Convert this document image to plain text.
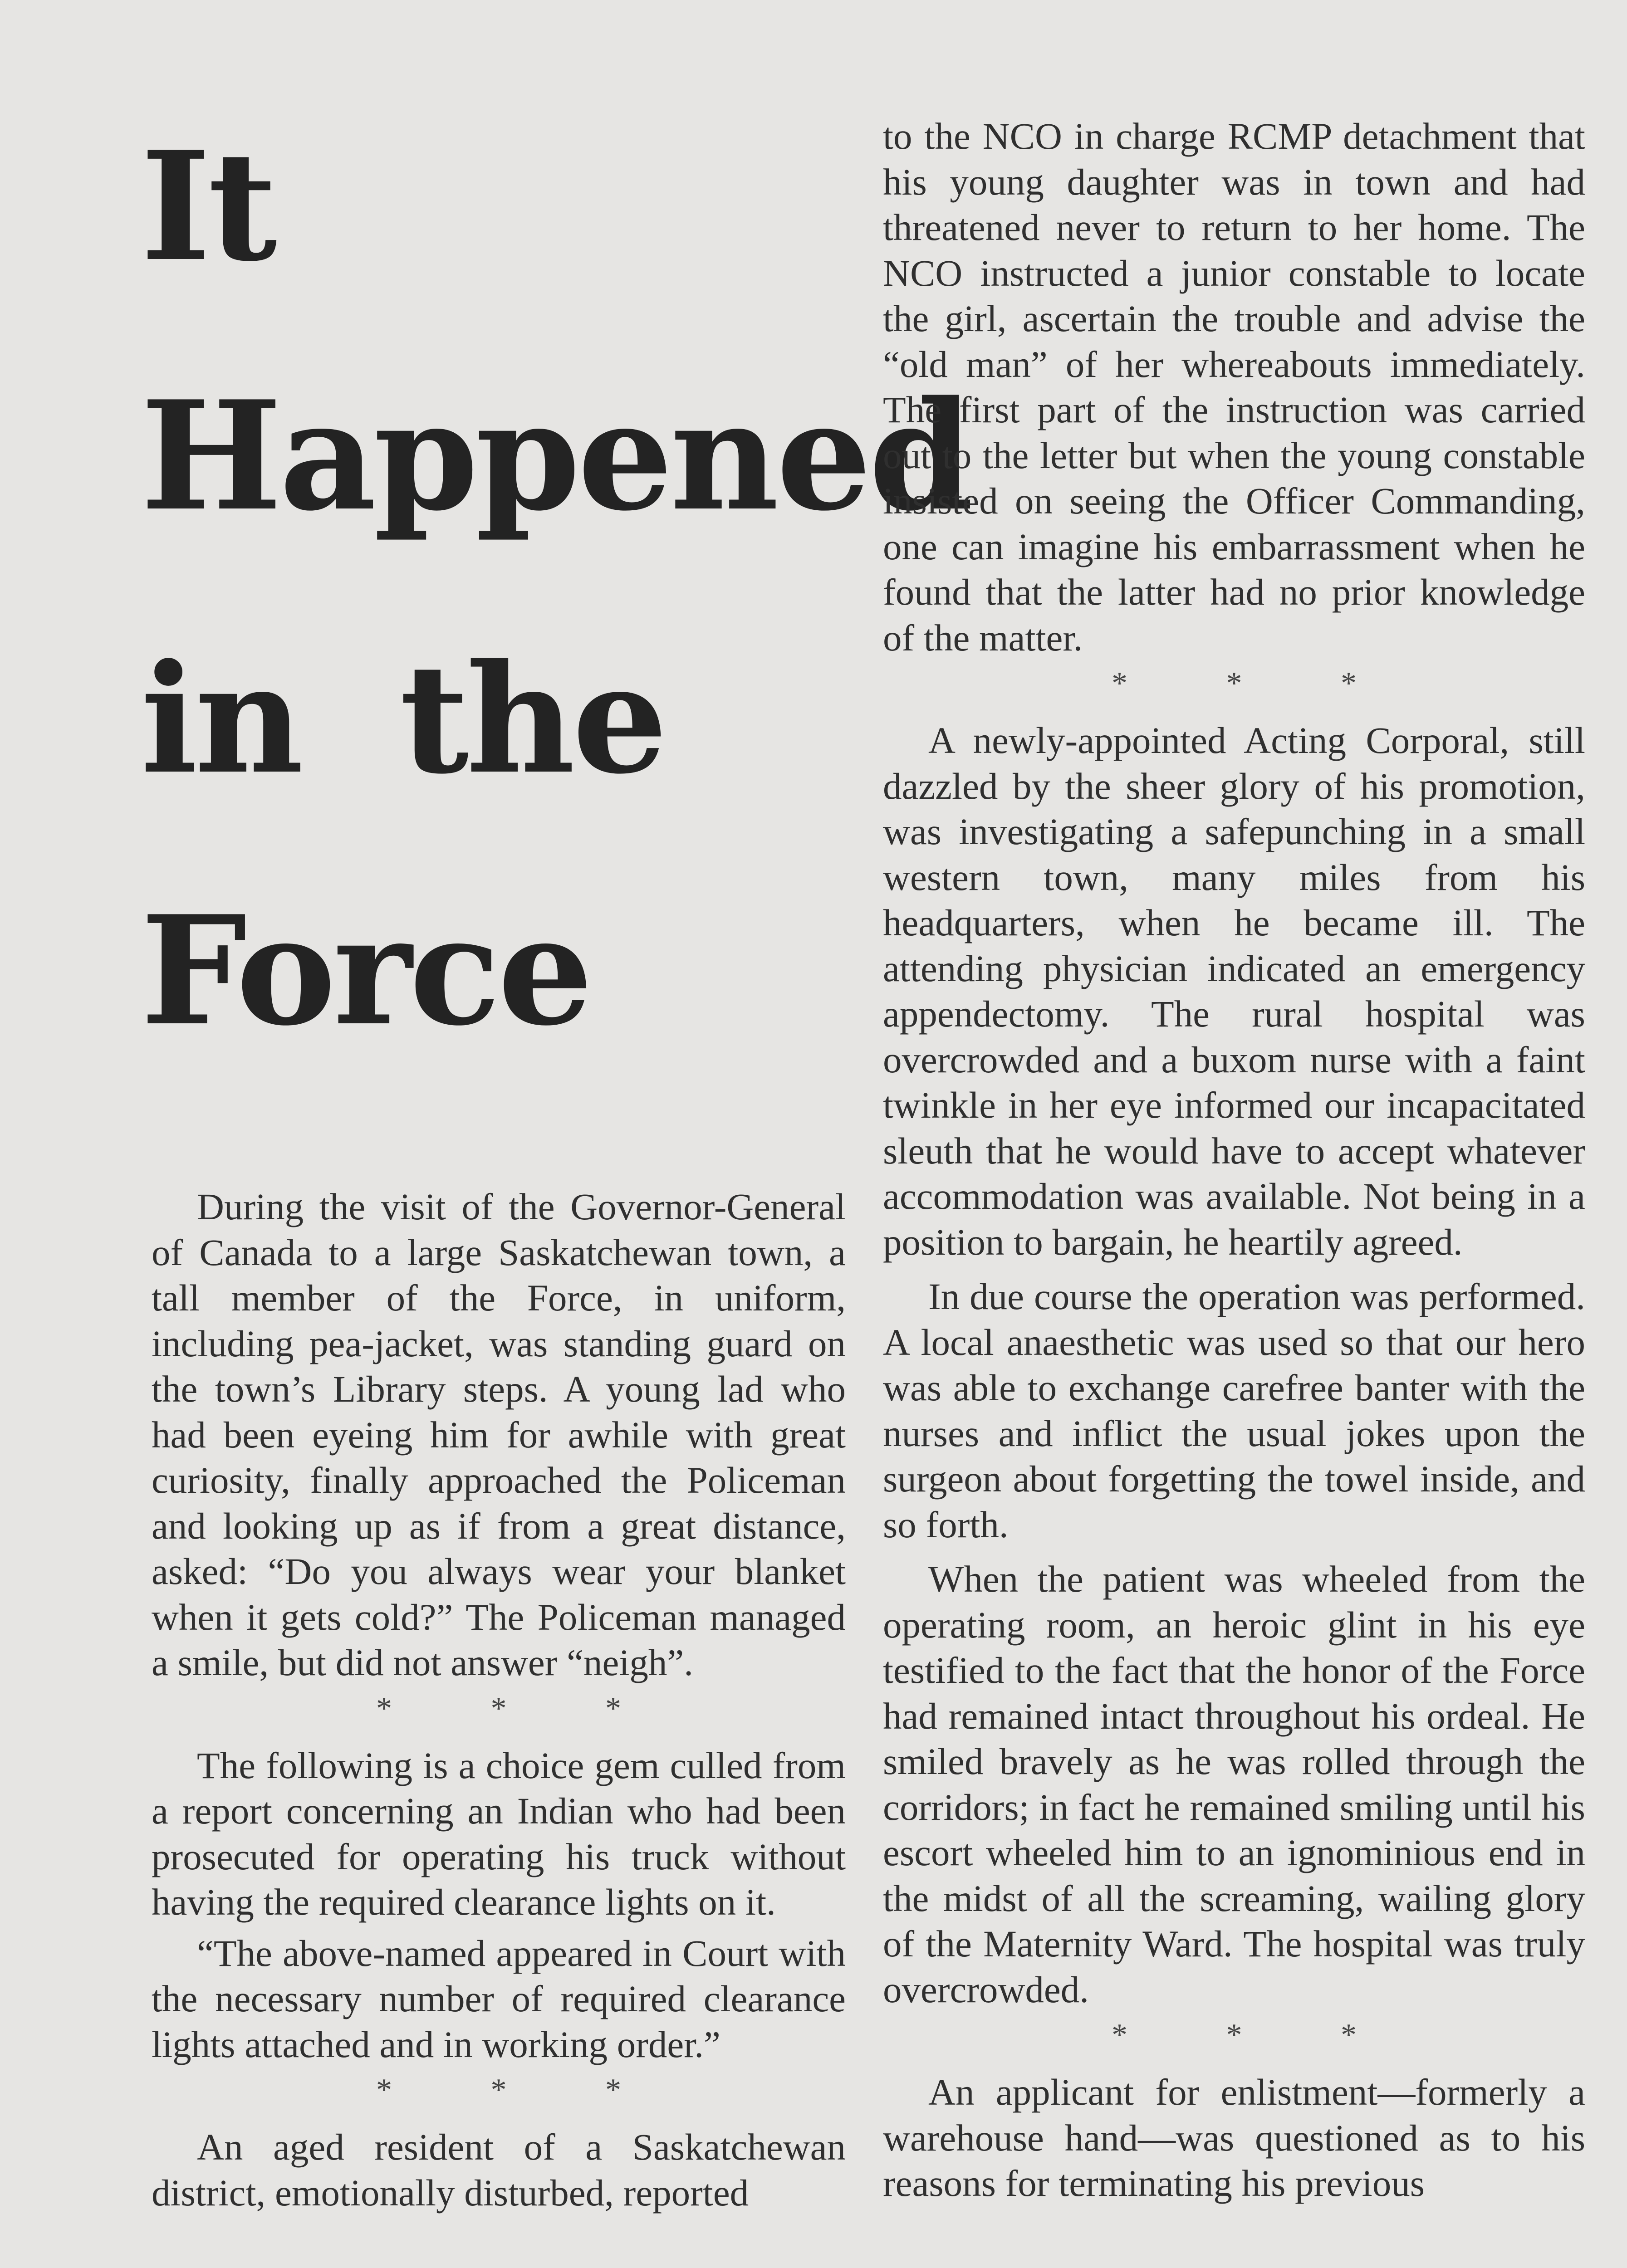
It
Happened
in  the
Force

During the visit of the Governor-General of Canada to a large Saskatchewan town, a tall member of the Force, in uniform, including pea-jacket, was standing guard on the town’s Library steps. A young lad who had been eyeing him for awhile with great curiosity, finally approached the Policeman and looking up as if from a great distance, asked: “Do you always wear your blanket when it gets cold?” The Policeman managed a smile, but did not answer “neigh”.

* * *

The following is a choice gem culled from a report concerning an Indian who had been prosecuted for operating his truck without having the required clearance lights on it.

“The above-named appeared in Court with the necessary number of required clearance lights attached and in working order.”

* * *

An aged resident of a Saskatchewan district, emotionally disturbed, reported

to the NCO in charge RCMP detachment that his young daughter was in town and had threatened never to return to her home. The NCO instructed a junior constable to locate the girl, ascertain the trouble and advise the “old man” of her whereabouts immediately. The first part of the instruction was carried out to the letter but when the young constable insisted on seeing the Officer Commanding, one can imagine his embarrassment when he found that the latter had no prior knowledge of the matter.

* * *

A newly-appointed Acting Corporal, still dazzled by the sheer glory of his promotion, was investigating a safepunching in a small western town, many miles from his headquarters, when he became ill. The attending physician indicated an emergency appendectomy. The rural hospital was overcrowded and a buxom nurse with a faint twinkle in her eye informed our incapacitated sleuth that he would have to accept whatever accommodation was available. Not being in a position to bargain, he heartily agreed.

In due course the operation was performed. A local anaesthetic was used so that our hero was able to exchange carefree banter with the nurses and inflict the usual jokes upon the surgeon about forgetting the towel inside, and so forth.

When the patient was wheeled from the operating room, an heroic glint in his eye testified to the fact that the honor of the Force had remained intact throughout his ordeal. He smiled bravely as he was rolled through the corridors; in fact he remained smiling until his escort wheeled him to an ignominious end in the midst of all the screaming, wailing glory of the Maternity Ward. The hospital was truly overcrowded.

* * *

An applicant for enlistment—formerly a warehouse hand—was questioned as to his reasons for terminating his previous
